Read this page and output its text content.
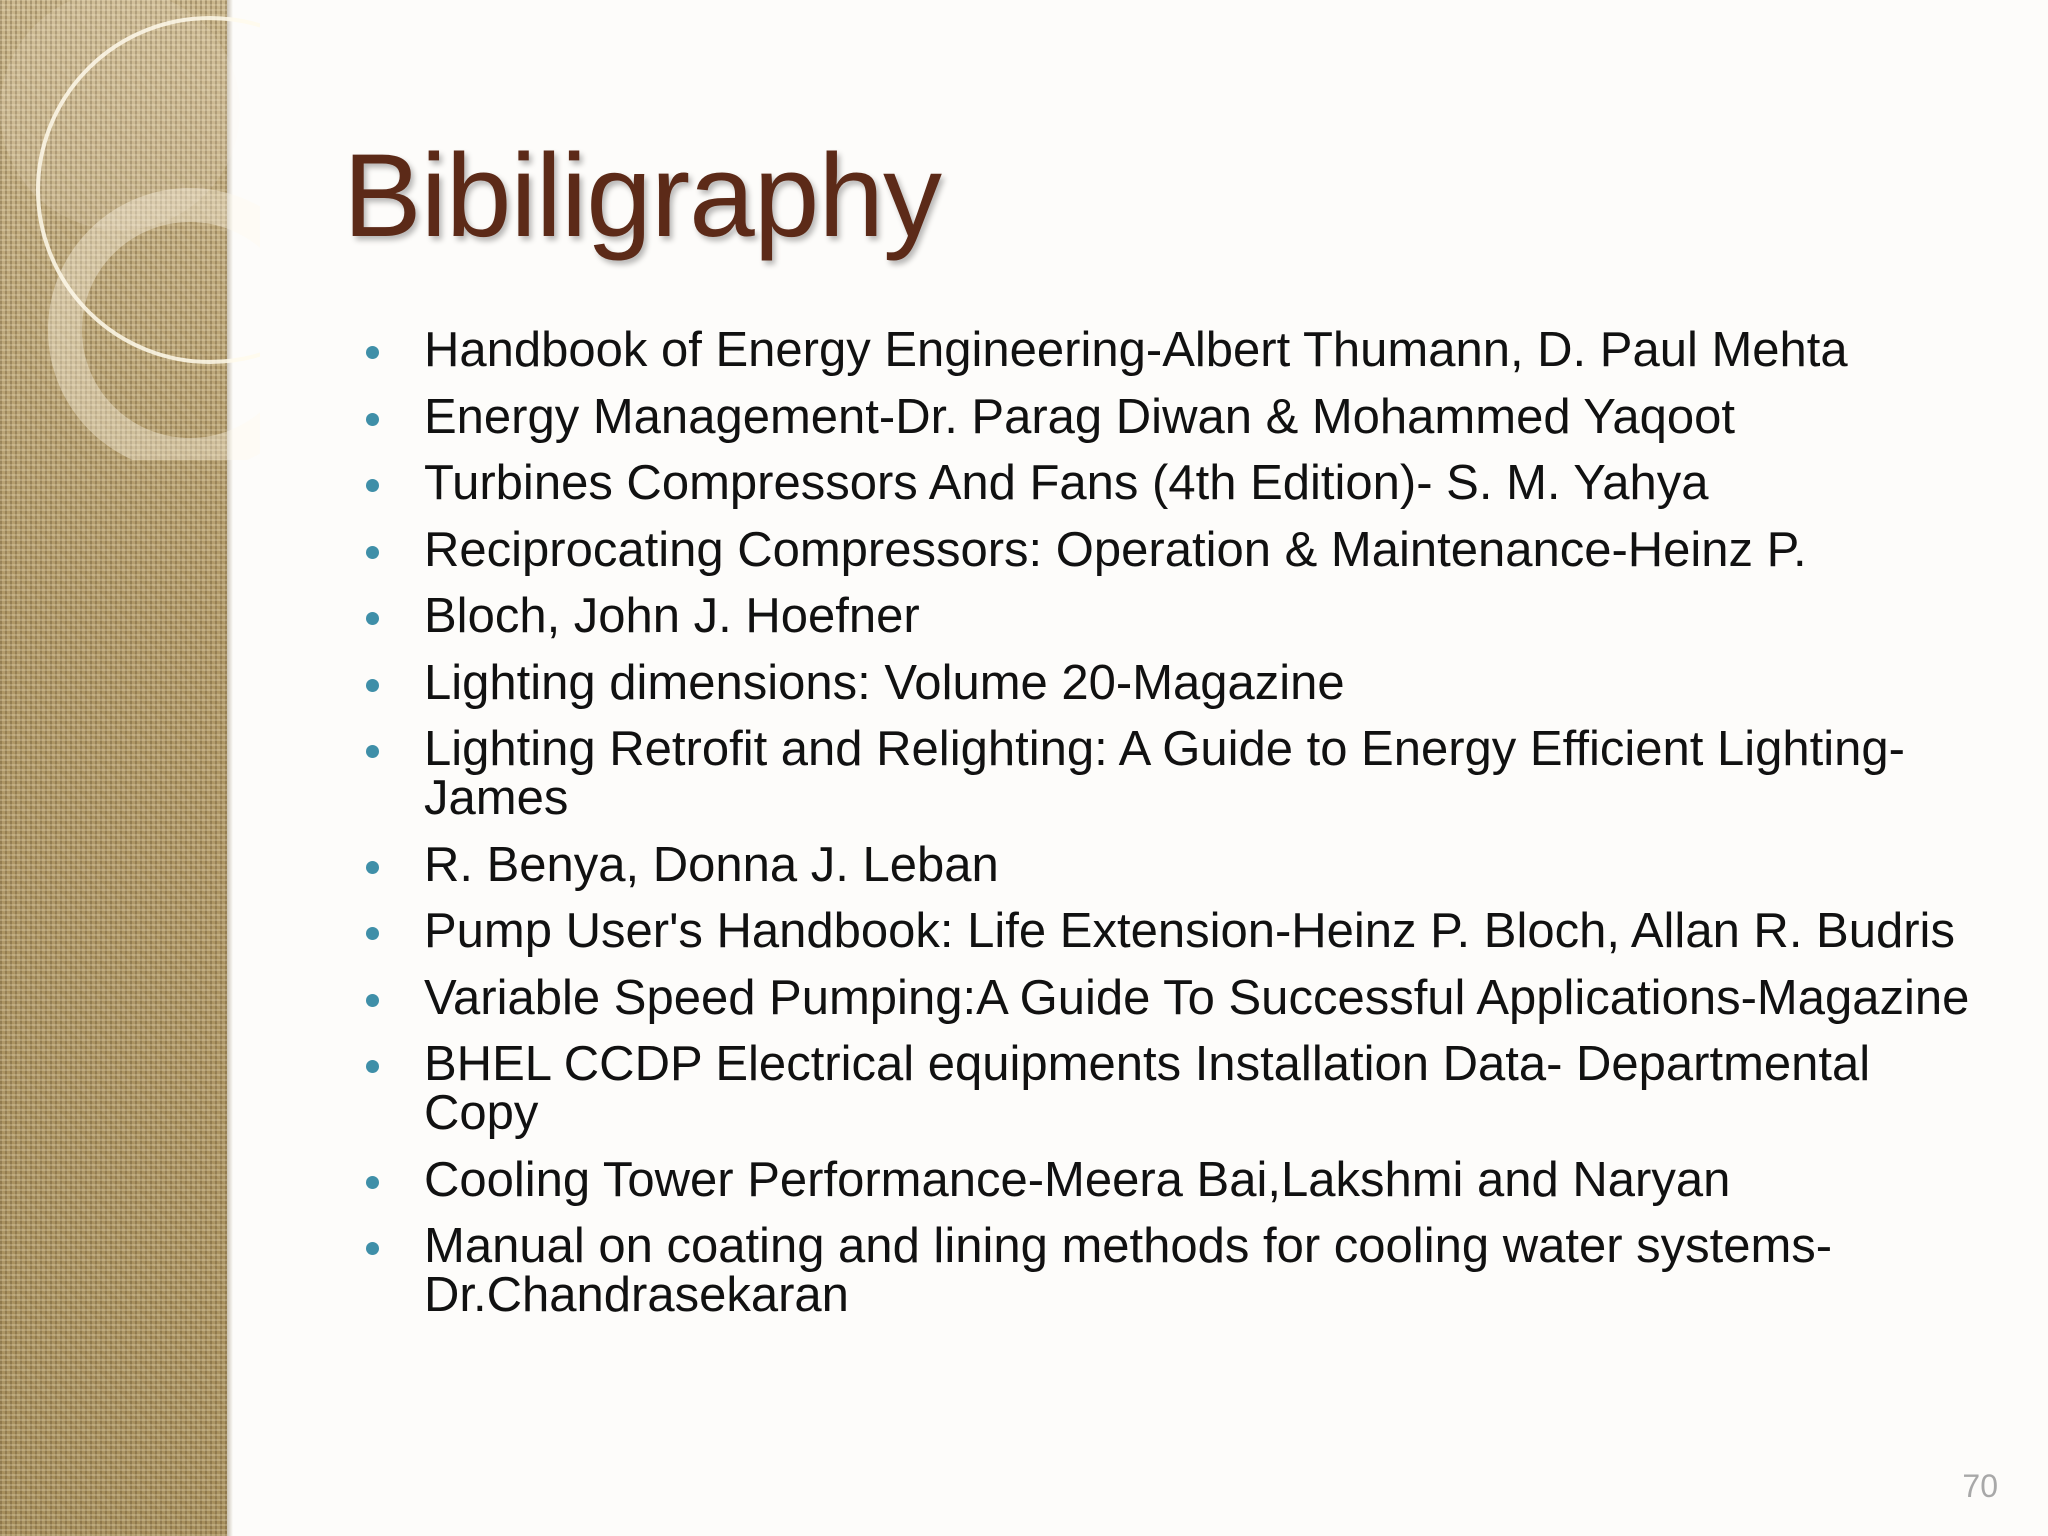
Bibiligraphy
Handbook of Energy Engineering-Albert Thumann, D. Paul Mehta
Energy Management-Dr. Parag Diwan & Mohammed Yaqoot
Turbines Compressors And Fans (4th Edition)- S. M. Yahya
Reciprocating Compressors: Operation & Maintenance-Heinz P.
Bloch, John J. Hoefner
Lighting dimensions: Volume 20-Magazine
Lighting Retrofit and Relighting: A Guide to Energy Efficient Lighting-James
R. Benya, Donna J. Leban
Pump User's Handbook: Life Extension-Heinz P. Bloch, Allan R. Budris
Variable Speed Pumping:A Guide To Successful Applications-Magazine
BHEL CCDP Electrical equipments Installation Data- Departmental Copy
Cooling Tower Performance-Meera Bai,Lakshmi and Naryan
Manual on coating and lining methods for cooling water systems-Dr.Chandrasekaran
70
